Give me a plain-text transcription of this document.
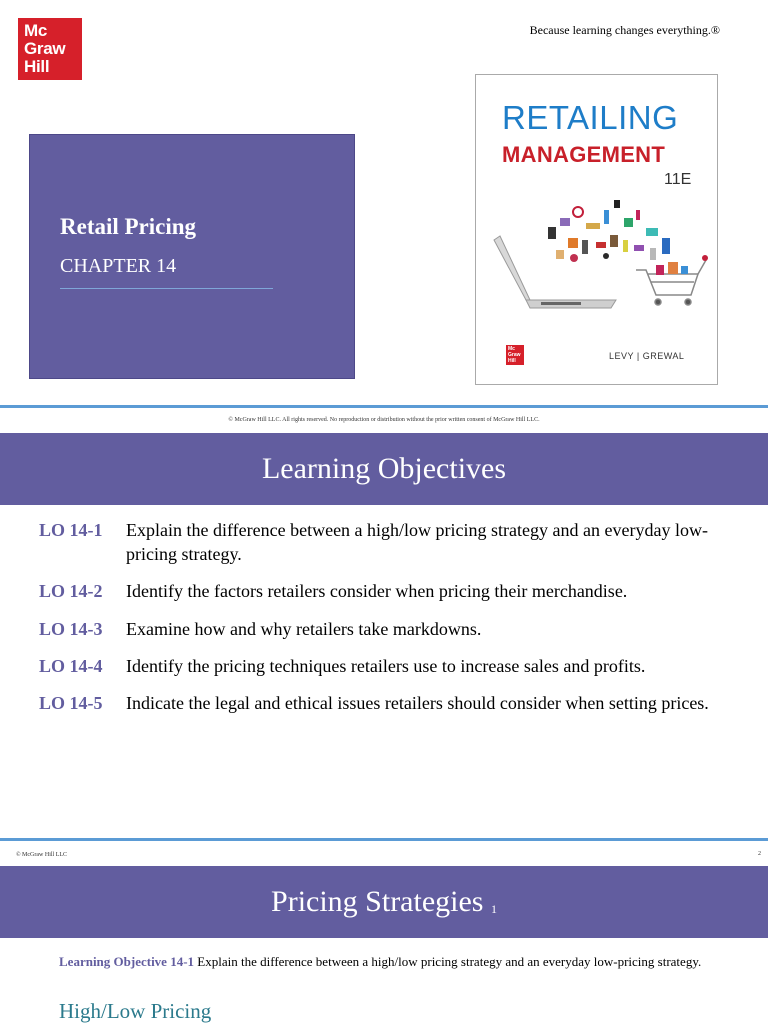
Mc
Graw
Hill
Because learning changes everything.®
Retail Pricing
CHAPTER 14
RETAILING
MANAGEMENT
11E
Mc
Graw
Hill	LEVY | GREWAL
© McGraw Hill LLC. All rights reserved. No reproduction or distribution without the prior written consent of McGraw Hill LLC.
Learning Objectives
LO 14-1	Explain the difference between a high/low pricing strategy and an everyday low-pricing strategy.
LO 14-2	Identify the factors retailers consider when pricing their merchandise.
LO 14-3	Examine how and why retailers take markdowns.
LO 14-4	Identify the pricing techniques retailers use to increase sales and profits.
LO 14-5	Indicate the legal and ethical issues retailers should consider when setting prices.
© McGraw Hill LLC	2
Pricing Strategies $_1$
Learning Objective 14-1 Explain the difference between a high/low pricing strategy and an everyday low-pricing strategy.
High/Low Pricing
